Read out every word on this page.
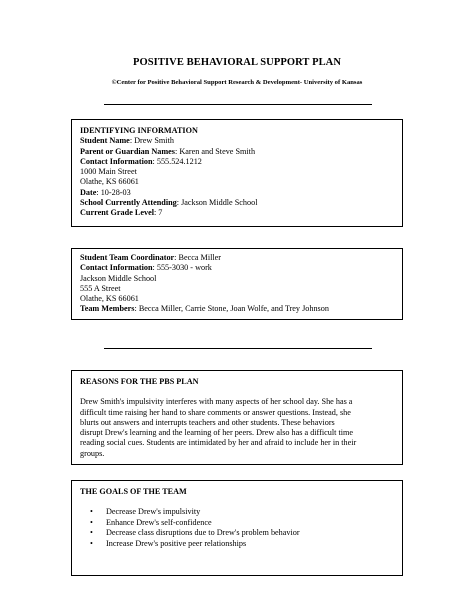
POSITIVE BEHAVIORAL SUPPORT PLAN
©Center for Positive Behavioral Support Research & Development- University of Kansas
IDENTIFYING INFORMATION
Student Name: Drew Smith
Parent or Guardian Names: Karen and Steve Smith
Contact Information: 555.524.1212
1000 Main Street
Olathe, KS 66061
Date: 10-28-03
School Currently Attending: Jackson Middle School
Current Grade Level: 7
Student Team Coordinator: Becca Miller
Contact Information: 555-3030 - work
Jackson Middle School
555 A Street
Olathe, KS 66061
Team Members: Becca Miller, Carrie Stone, Joan Wolfe, and Trey Johnson
REASONS FOR THE PBS PLAN
Drew Smith's impulsivity interferes with many aspects of her school day. She has a
difficult time raising her hand to share comments or answer questions. Instead, she
blurts out answers and interrupts teachers and other students. These behaviors
disrupt Drew's learning and the learning of her peers. Drew also has a difficult time
reading social cues. Students are intimidated by her and afraid to include her in their
groups.
THE GOALS OF THE TEAM
• Decrease Drew's impulsivity
• Enhance Drew's self-confidence
• Decrease class disruptions due to Drew's problem behavior
• Increase Drew's positive peer relationships
